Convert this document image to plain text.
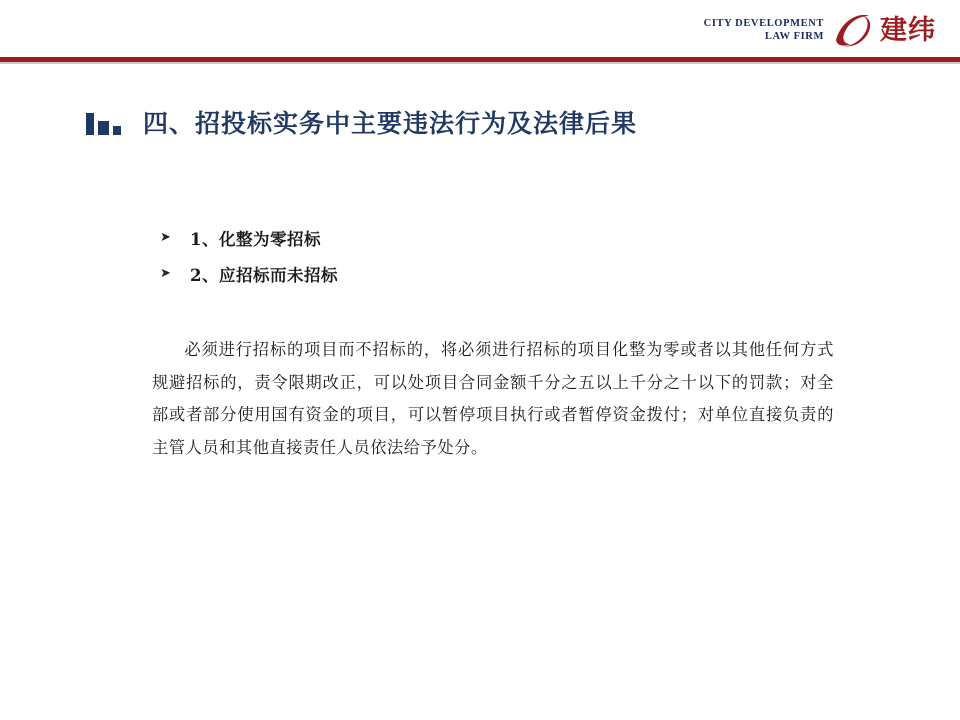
CITY DEVELOPMENT
LAW FIRM 建纬
四、招投标实务中主要违法行为及法律后果
➤	1、化整为零招标
➤	2、应招标而未招标
必须进行招标的项目而不招标的，将必须进行招标的项目化整为零或者以其他任何方式规避招标的，责令限期改正，可以处项目合同金额千分之五以上千分之十以下的罚款；对全部或者部分使用国有资金的项目，可以暂停项目执行或者暂停资金拨付；对单位直接负责的主管人员和其他直接责任人员依法给予处分。
